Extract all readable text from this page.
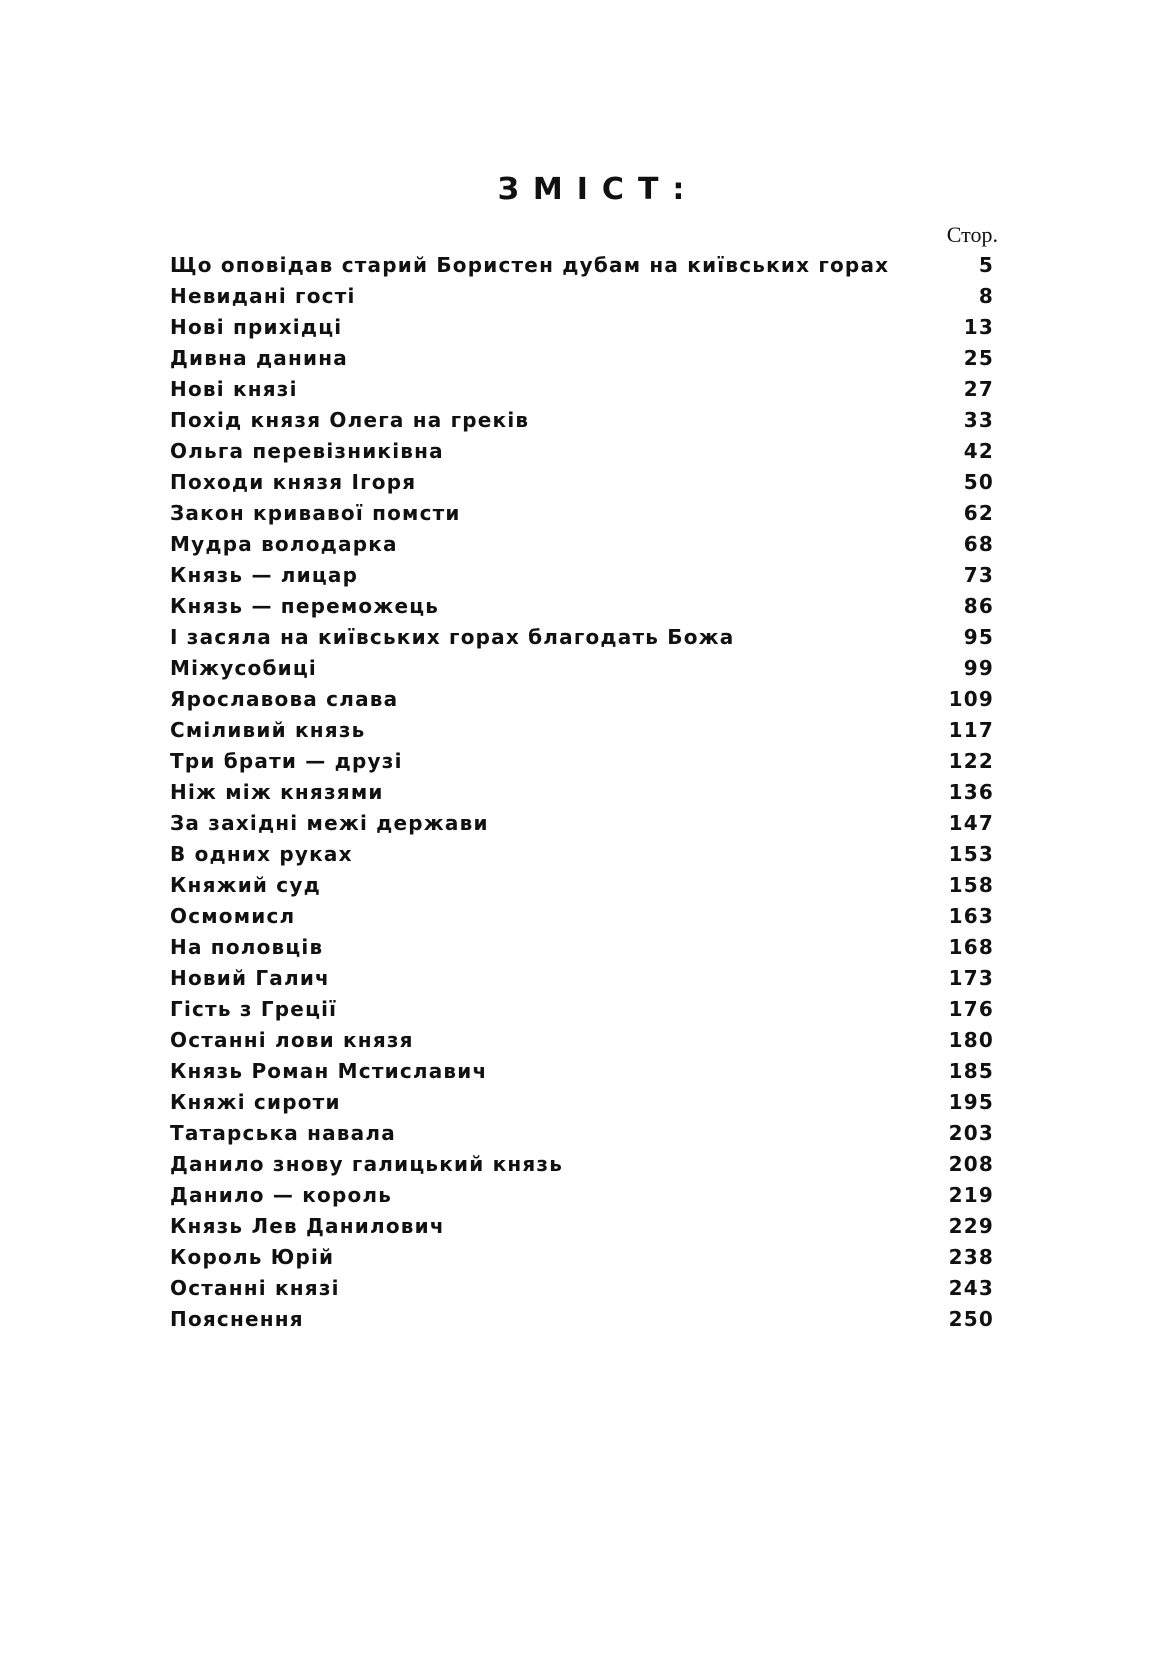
ЗМІСТ:
Стор.
Що оповідав старий Бористен дубам на київських горах	5
Невидані гості	8
Нові прихідці	13
Дивна данина	25
Нові князі	27
Похід князя Олега на греків	33
Ольга перевізниківна	42
Походи князя Ігоря	50
Закон кривавої помсти	62
Мудра володарка	68
Князь — лицар	73
Князь — переможець	86
І засяла на київських горах благодать Божа	95
Міжусобиці	99
Ярославова слава	109
Сміливий князь	117
Три брати — друзі	122
Ніж між князями	136
За західні межі держави	147
В одних руках	153
Княжий суд	158
Осмомисл	163
На половців	168
Новий Галич	173
Гість з Греції	176
Останні лови князя	180
Князь Роман Мстиславич	185
Княжі сироти	195
Татарська навала	203
Данило знову галицький князь	208
Данило — король	219
Князь Лев Данилович	229
Король Юрій	238
Останні князі	243
Пояснення	250
